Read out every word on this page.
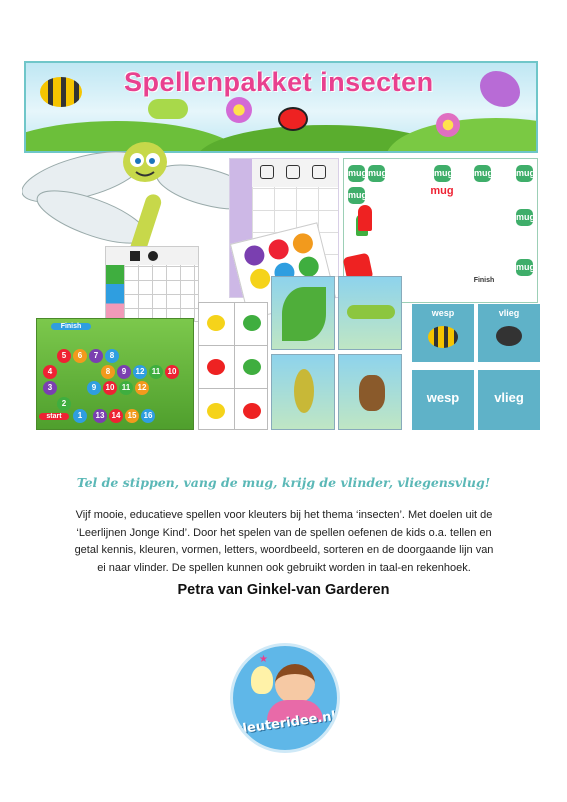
Spellenpakket insecten
mug mug	mug mug	mug
mug
mug
mug
mug
Finish
Finish
5	6	7	8
4	12 11 10
9
8
3	9	10 11 12
2
1	13 14 15 16
start
wesp	vlieg
wesp	vlieg
Tel de stippen, vang de mug, krijg de vlinder, vliegensvlug!
Vijf mooie, educatieve spellen voor kleuters bij het thema ‘insecten’. Met doelen uit de ‘Leerlijnen Jonge Kind’. Door het spelen van de spellen oefenen de kids o.a. tellen en getal kennis, kleuren, vormen, letters, woordbeeld, sorteren en de doorgaande lijn van ei naar vlinder. De spellen kunnen ook gebruikt worden in taal-en rekenhoek.
Petra van Ginkel-van Garderen
★
kleuteridee.nl
